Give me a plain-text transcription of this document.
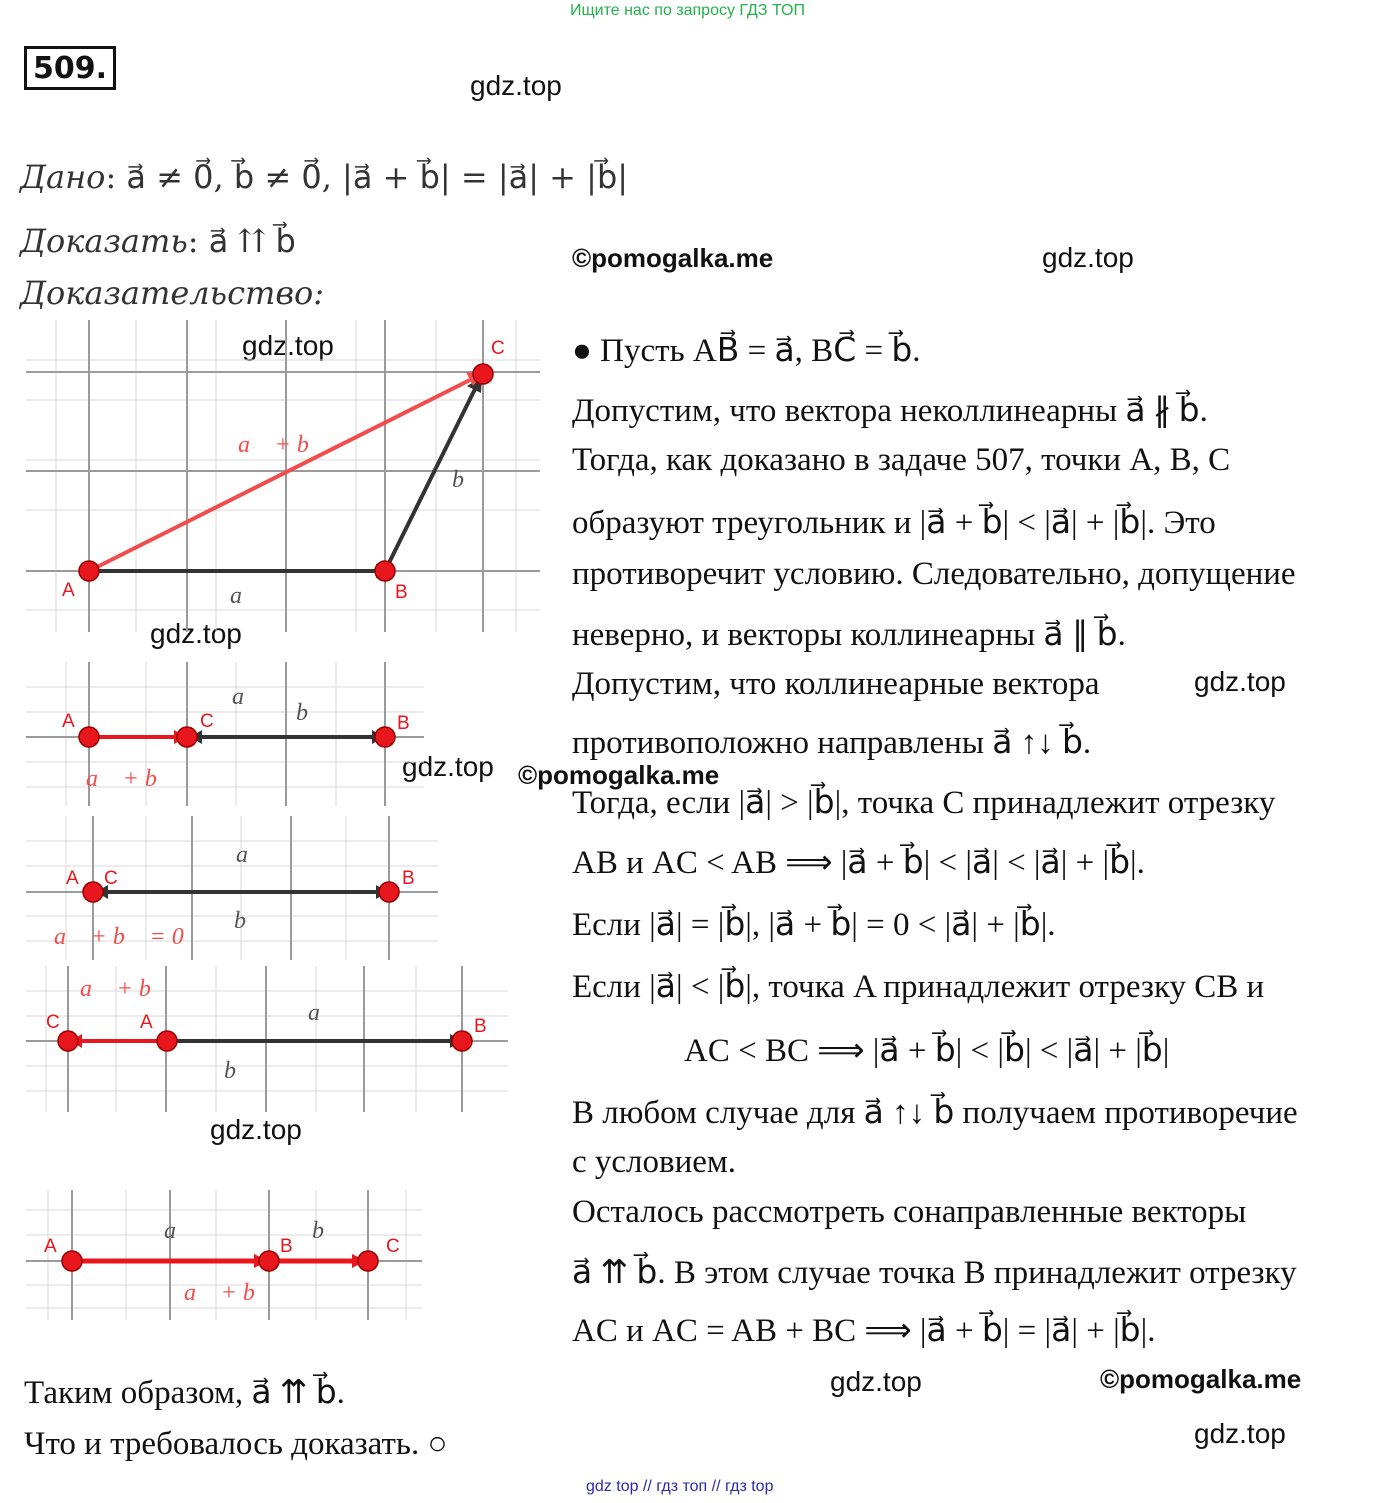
Ищите нас по запросу ГДЗ ТОП
509.	gdz.top
©pomogalka.me	gdz.top
gdz.top
gdz.top
gdz.top
gdz.top ©pomogalka.me
gdz.top
gdz.top	©pomogalka.me
gdz.top
Дано: a⃗ ≠ 0⃗, b⃗ ≠ 0⃗, |a⃗ + b⃗| = |a⃗| + |b⃗|
Доказать: a⃗ ⇈ b⃗
Доказательство:
A	B
C
a⃗
b⃗
a⃗ + b⃗
A	C	B
a⃗
b⃗
a⃗ + b⃗
A C	B
a⃗
b⃗
a⃗ + b⃗ = 0⃗
C	A	B
a⃗
b⃗
a⃗ + b⃗
A	B	C
a⃗	b⃗
a⃗ + b⃗
● Пусть AB⃗ = a⃗, BC⃗ = b⃗.
Допустим, что вектора неколлинеарны a⃗ ∦ b⃗.
Тогда, как доказано в задаче 507, точки A, B, C
образуют треугольник и |a⃗ + b⃗| < |a⃗| + |b⃗|. Это
противоречит условию. Следовательно, допущение
неверно, и векторы коллинеарны a⃗ ∥ b⃗.
Допустим, что коллинеарные вектора
противоположно направлены a⃗ ↑↓ b⃗.
Тогда, если |a⃗| > |b⃗|, точка C принадлежит отрезку
AB и AC < AB ⟹ |a⃗ + b⃗| < |a⃗| < |a⃗| + |b⃗|.
Если |a⃗| = |b⃗|, |a⃗ + b⃗| = 0 < |a⃗| + |b⃗|.
Если |a⃗| < |b⃗|, точка A принадлежит отрезку CB и
AC < BC ⟹ |a⃗ + b⃗| < |b⃗| < |a⃗| + |b⃗|
В любом случае для a⃗ ↑↓ b⃗ получаем противоречие
с условием.
Осталось рассмотреть сонаправленные векторы
a⃗ ⇈ b⃗. В этом случае точка B принадлежит отрезку
AC и AC = AB + BC ⟹ |a⃗ + b⃗| = |a⃗| + |b⃗|.
Таким образом, a⃗ ⇈ b⃗.
Что и требовалось доказать. ○
gdz top // гдз топ // гдз top
